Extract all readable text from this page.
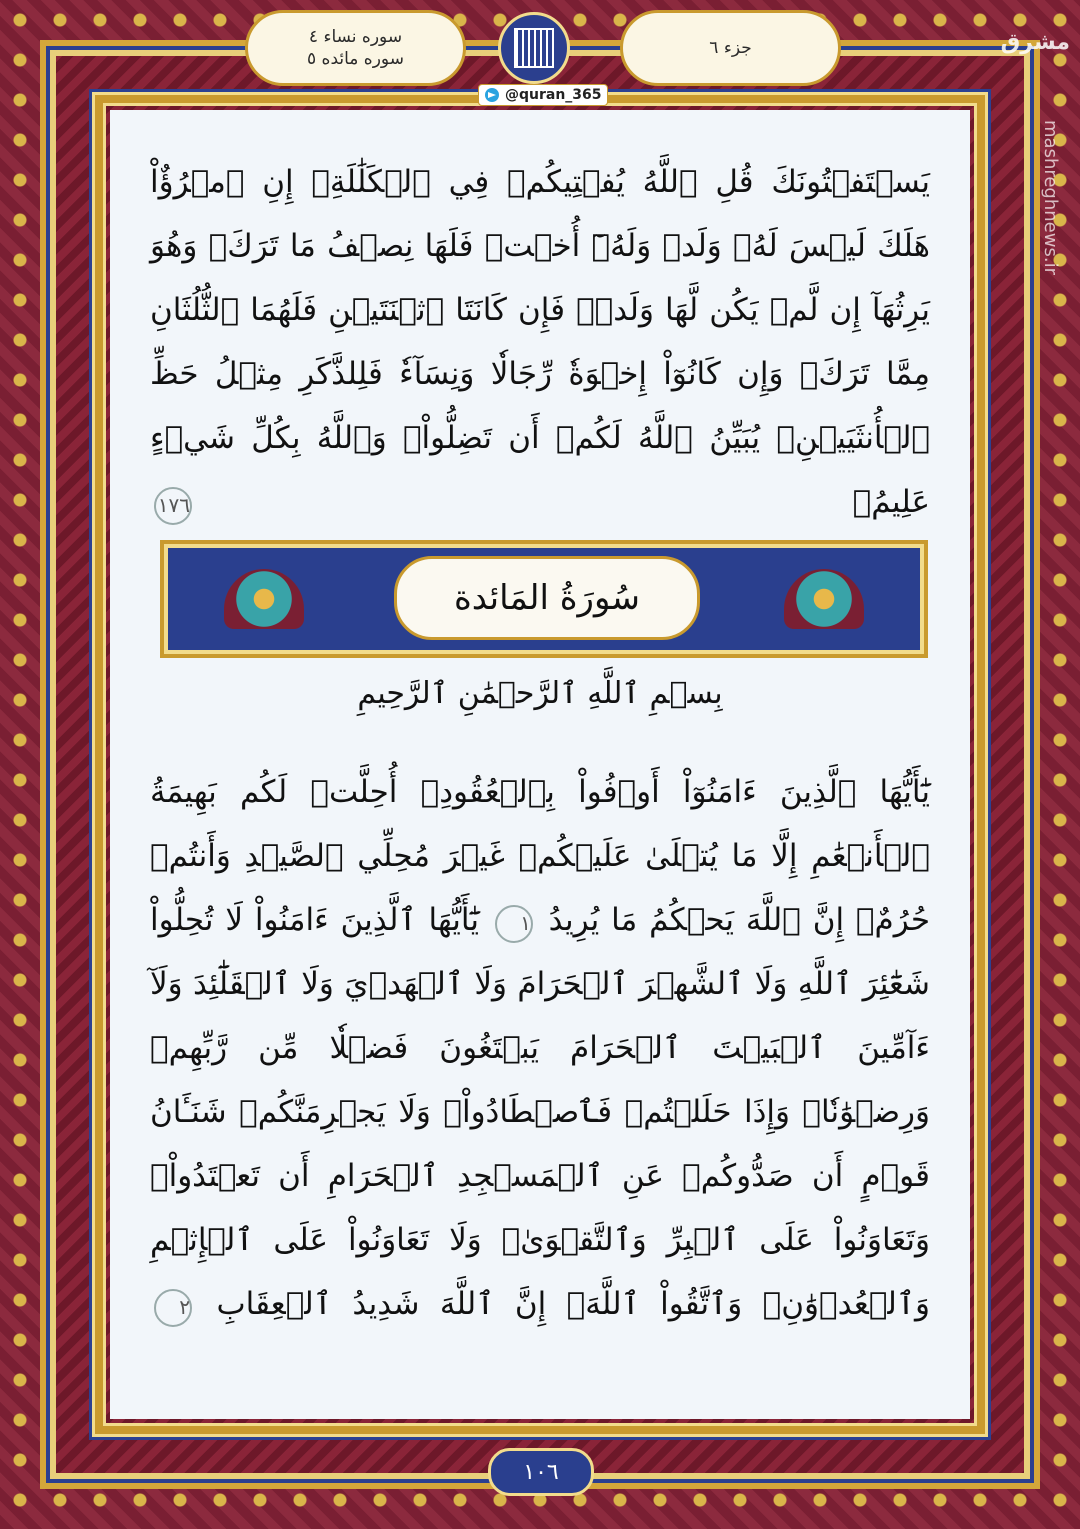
سوره نساء ٤
سوره مائده ٥
جزء ٦
@quran_365
مشرق
mashreghnews.ir
يَسۡتَفۡتُونَكَ قُلِ ٱللَّهُ يُفۡتِيكُمۡ فِي ٱلۡكَلَٰلَةِۚ إِنِ ٱمۡرُؤٌاْ هَلَكَ لَيۡسَ لَهُۥ وَلَدٞ وَلَهُۥٓ أُخۡتٞ فَلَهَا نِصۡفُ مَا تَرَكَۚ وَهُوَ يَرِثُهَآ إِن لَّمۡ يَكُن لَّهَا وَلَدٞۚ فَإِن كَانَتَا ٱثۡنَتَيۡنِ فَلَهُمَا ٱلثُّلُثَانِ مِمَّا تَرَكَۚ وَإِن كَانُوٓاْ إِخۡوَةٗ رِّجَالٗا وَنِسَآءٗ فَلِلذَّكَرِ مِثۡلُ حَظِّ ٱلۡأُنثَيَيۡنِۗ يُبَيِّنُ ٱللَّهُ لَكُمۡ أَن تَضِلُّواْۗ وَٱللَّهُ بِكُلِّ شَيۡءٍ عَلِيمُۢ ١٧٦
سُورَةُ المَائدة
بِسۡمِ ٱللَّهِ ٱلرَّحۡمَٰنِ ٱلرَّحِيمِ
يَٰٓأَيُّهَا ٱلَّذِينَ ءَامَنُوٓاْ أَوۡفُواْ بِٱلۡعُقُودِۚ أُحِلَّتۡ لَكُم بَهِيمَةُ ٱلۡأَنۡعَٰمِ إِلَّا مَا يُتۡلَىٰ عَلَيۡكُمۡ غَيۡرَ مُحِلِّي ٱلصَّيۡدِ وَأَنتُمۡ حُرُمٌۗ إِنَّ ٱللَّهَ يَحۡكُمُ مَا يُرِيدُ ١ يَٰٓأَيُّهَا ٱلَّذِينَ ءَامَنُواْ لَا تُحِلُّواْ شَعَٰٓئِرَ ٱللَّهِ وَلَا ٱلشَّهۡرَ ٱلۡحَرَامَ وَلَا ٱلۡهَدۡيَ وَلَا ٱلۡقَلَٰٓئِدَ وَلَآ ءَآمِّينَ ٱلۡبَيۡتَ ٱلۡحَرَامَ يَبۡتَغُونَ فَضۡلٗا مِّن رَّبِّهِمۡ وَرِضۡوَٰنٗاۚ وَإِذَا حَلَلۡتُمۡ فَٱصۡطَادُواْۚ وَلَا يَجۡرِمَنَّكُمۡ شَنَـَٔانُ قَوۡمٍ أَن صَدُّوكُمۡ عَنِ ٱلۡمَسۡجِدِ ٱلۡحَرَامِ أَن تَعۡتَدُواْۘ وَتَعَاوَنُواْ عَلَى ٱلۡبِرِّ وَٱلتَّقۡوَىٰۖ وَلَا تَعَاوَنُواْ عَلَى ٱلۡإِثۡمِ وَٱلۡعُدۡوَٰنِۚ وَٱتَّقُواْ ٱللَّهَۖ إِنَّ ٱللَّهَ شَدِيدُ ٱلۡعِقَابِ ٢
١٠٦
